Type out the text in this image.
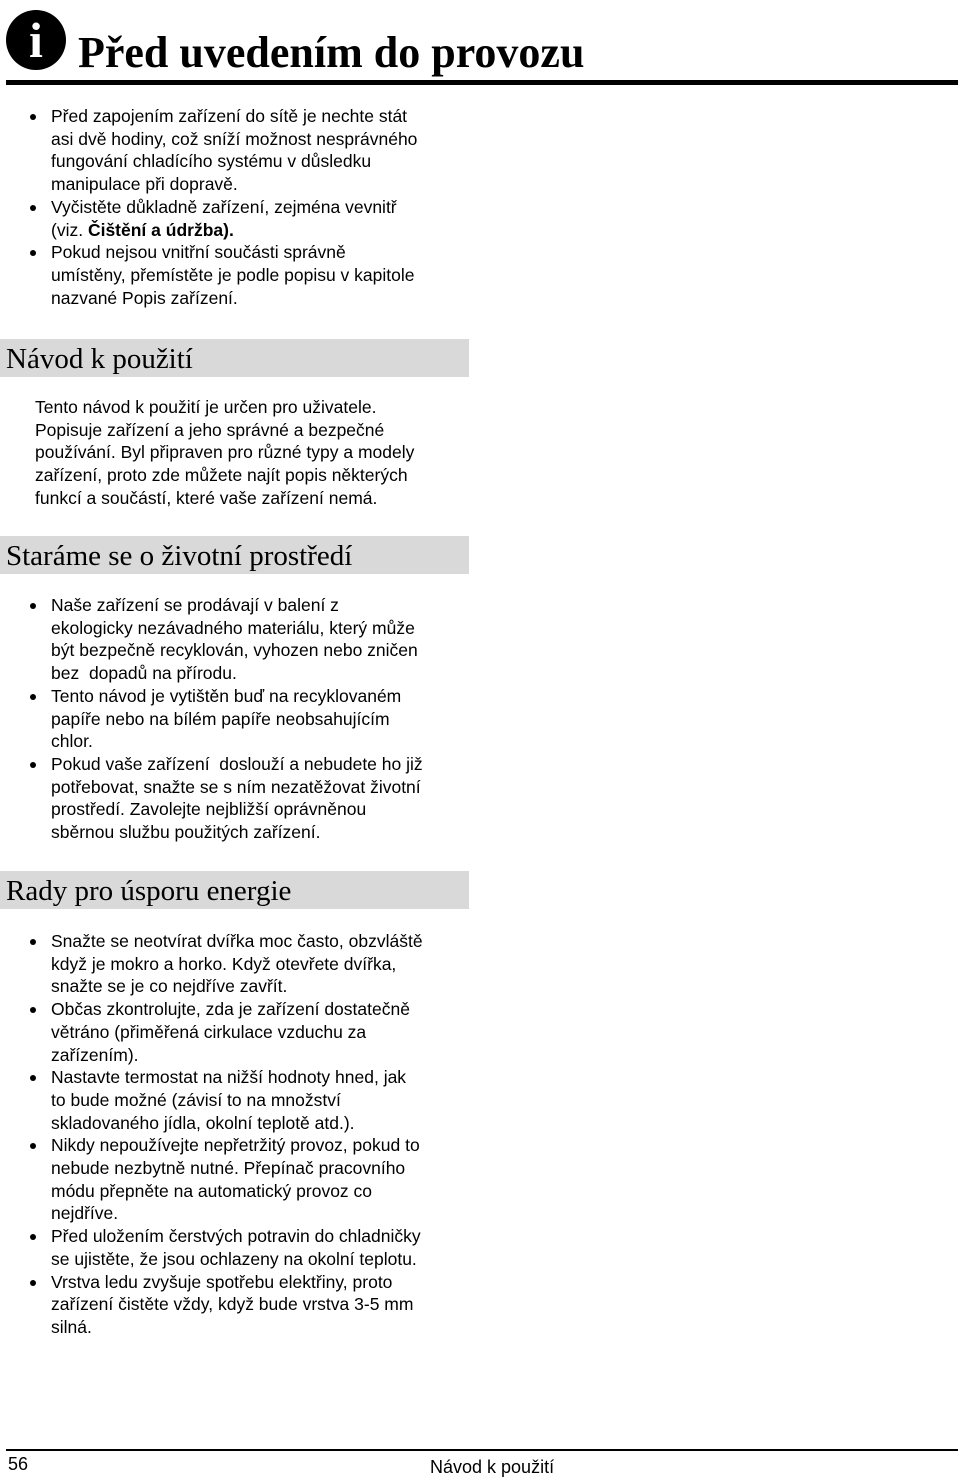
i Před uvedením do provozu
Před zapojením zařízení do sítě je nechte stát
asi dvě hodiny, což sníží možnost nesprávného
fungování chladícího systému v důsledku
manipulace při dopravě.
Vyčistěte důkladně zařízení, zejména vevnitř
(viz. Čištění a údržba).
Pokud nejsou vnitřní součásti správně
umístěny, přemístěte je podle popisu v kapitole
nazvané Popis zařízení.
Návod k použití

Tento návod k použití je určen pro uživatele.
Popisuje zařízení a jeho správné a bezpečné
používání. Byl připraven pro různé typy a modely
zařízení, proto zde můžete najít popis některých
funkcí a součástí, které vaše zařízení nemá.

Staráme se o životní prostředí
Naše zařízení se prodávají v balení z
ekologicky nezávadného materiálu, který může
být bezpečně recyklován, vyhozen nebo zničen
bez  dopadů na přírodu.
Tento návod je vytištěn buď na recyklovaném
papíře nebo na bílém papíře neobsahujícím
chlor.
Pokud vaše zařízení  doslouží a nebudete ho již
potřebovat, snažte se s ním nezatěžovat životní
prostředí. Zavolejte nejbližší oprávněnou
sběrnou službu použitých zařízení.
Rady pro úsporu energie
Snažte se neotvírat dvířka moc často, obzvláště
když je mokro a horko. Když otevřete dvířka,
snažte se je co nejdříve zavřít.
Občas zkontrolujte, zda je zařízení dostatečně
větráno (přiměřená cirkulace vzduchu za
zařízením).
Nastavte termostat na nižší hodnoty hned, jak
to bude možné (závisí to na množství
skladovaného jídla, okolní teplotě atd.).
Nikdy nepoužívejte nepřetržitý provoz, pokud to
nebude nezbytně nutné. Přepínač pracovního
módu přepněte na automatický provoz co
nejdříve.
Před uložením čerstvých potravin do chladničky
se ujistěte, že jsou ochlazeny na okolní teplotu.
Vrstva ledu zvyšuje spotřebu elektřiny, proto
zařízení čistěte vždy, když bude vrstva 3-5 mm
silná.
56	Návod k použití
